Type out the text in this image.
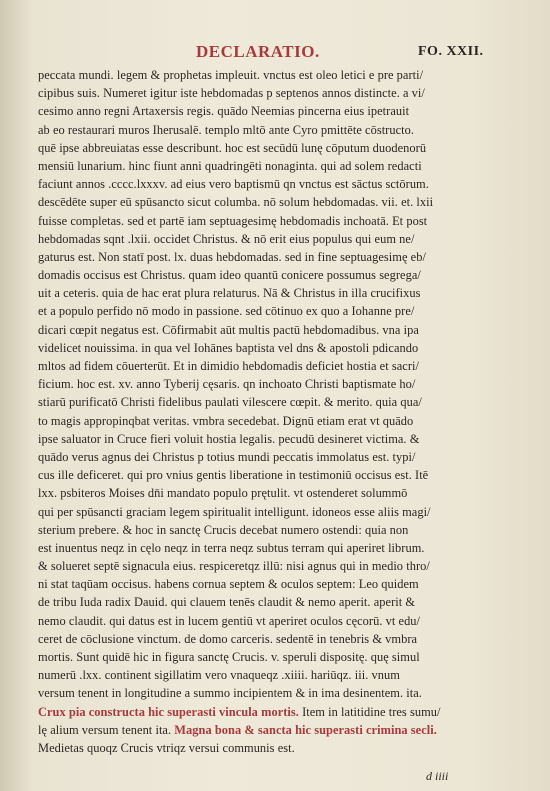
DECLARATIO.	FO. XXII.
peccata mundi. legem & prophetas impleuit. vnctus est oleo letici e pre parti/
cipibus suis. Numeret igitur iste hebdomadas p septenos annos distincte. a vi/
cesimo anno regni Artaxersis regis. quādo Neemias pincerna eius ipetrauit
ab eo restaurari muros Iherusalē. templo mltō ante Cyro pmittēte cōstructo.
quē ipse abbreuiatas esse describunt. hoc est secūdū lunę cōputum duodenorū
mensiū lunarium. hinc fiunt anni quadringēti nonaginta. qui ad solem redacti
faciunt annos .cccc.lxxxv. ad eius vero baptismū qn vnctus est sāctus sctōrum.
descēdēte super eū spūsancto sicut columba. nō solum hebdomadas. vii. et. lxii
fuisse completas. sed et partē iam septuagesimę hebdomadis inchoatā. Et post
hebdomadas sqnt .lxii. occidet Christus. & nō erit eius populus qui eum ne/
gaturus est. Non statī post. lx. duas hebdomadas. sed in fine septuagesimę eb/
domadis occisus est Christus. quam ideo quantū conicere possumus segrega/
uit a ceteris. quia de hac erat plura relaturus. Nā & Christus in illa crucifixus
et a populo perfido nō modo in passione. sed cōtinuo ex quo a Iohanne pre/
dicari cœpit negatus est. Cōfirmabit aūt multis pactū hebdomadibus. vna ipa
videlicet nouissima. in qua vel Iohānes baptista vel dns & apostoli pdicando
mltos ad fidem cōuerterūt. Et in dimidio hebdomadis deficiet hostia et sacri/
ficium. hoc est. xv. anno Tyberij cęsaris. qn inchoato Christi baptismate ho/
stiarū purificatō Christi fidelibus paulati vilescere cœpit. & merito. quia qua/
to magis appropinqbat veritas. vmbra secedebat. Dignū etiam erat vt quādo
ipse saluator in Cruce fieri voluit hostia legalis. pecudū desineret victima. &
quādo verus agnus dei Christus p totius mundi peccatis immolatus est. typi/
cus ille deficeret. qui pro vnius gentis liberatione in testimoniū occisus est. Itē
lxx. psbiteros Moises dn̄i mandato populo prętulit. vt ostenderet solummō
qui per spūsancti graciam legem spiritualit intelligunt. idoneos esse aliis magi/
sterium prebere. & hoc in sanctę Crucis decebat numero ostendi: quia non
est inuentus neqz in cęlo neqz in terra neqz subtus terram qui aperiret librum.
& solueret septē signacula eius. respiceretqz illū: nisi agnus qui in medio thro/
ni stat taqūam occisus. habens cornua septem & oculos septem: Leo quidem
de tribu Iuda radix Dauid. qui clauem tenēs claudit & nemo aperit. aperit &
nemo claudit. qui datus est in lucem gentiū vt aperiret oculos cęcorū. vt edu/
ceret de cōclusione vinctum. de domo carceris. sedentē in tenebris & vmbra
mortis. Sunt quidē hic in figura sanctę Crucis. v. speruli dispositę. quę simul
numerū .lxx. continent sigillatim vero vnaqueqz .xiiii. hariūqz. iii. vnum
versum tenent in longitudine a summo incipientem & in ima desinentem. ita.
Crux pia constructa hic superasti vincula mortis. Item in latitidine tres sumu/
lę alium versum tenent ita. Magna bona & sancta hic superasti crimina secli.
Medietas quoqz Crucis vtriqz versui communis est.
d iiii
